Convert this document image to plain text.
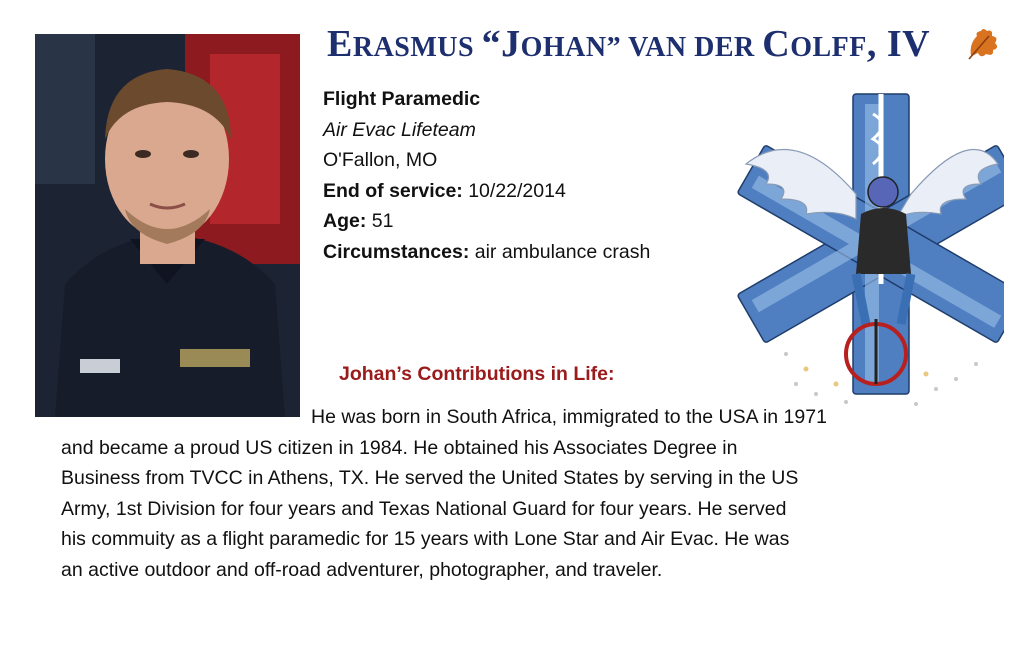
ERASMUS “JOHAN” VAN DER COLFF, IV
Flight Paramedic
Air Evac Lifeteam
O'Fallon, MO
End of service: 10/22/2014
Age: 51
Circumstances: air ambulance crash
Johan’s Contributions in Life:
He was born in South Africa, immigrated to the USA in 1971
and became a proud US citizen in 1984. He obtained his Associates Degree in
Business from TVCC in Athens, TX. He served the United States by serving in the US
Army, 1st Division for four years and Texas National Guard for four years. He served
his commuity as a flight paramedic for 15 years with Lone Star and Air Evac. He was
an active outdoor and off-road adventurer, photographer, and traveler.
